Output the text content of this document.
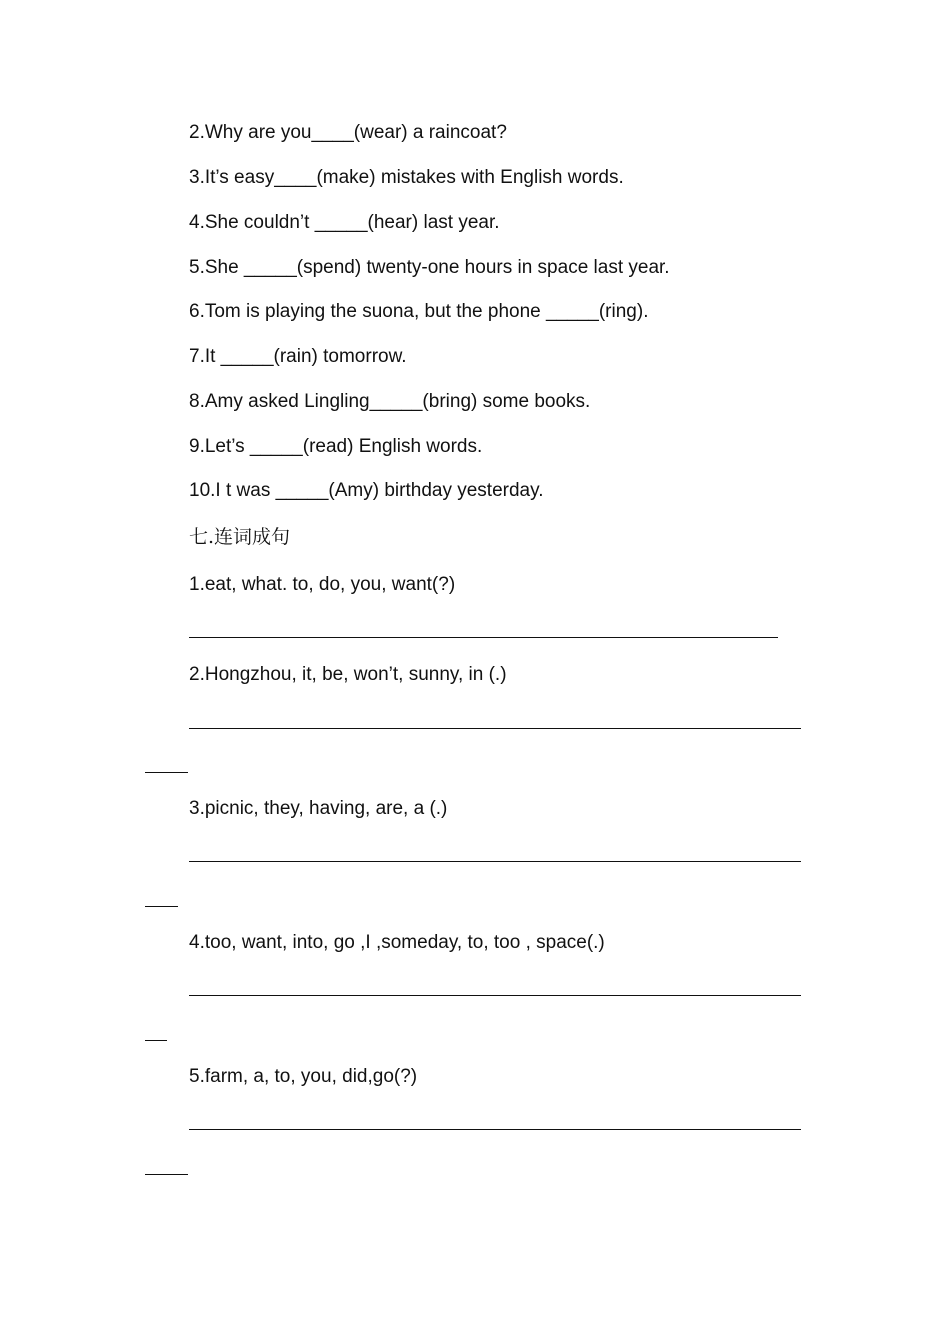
2.Why are you____(wear) a raincoat?
3.It’s easy____(make) mistakes with English words.
4.She couldn’t _____(hear) last year.
5.She _____(spend) twenty-one hours in space last year.
6.Tom is playing the suona, but the phone _____(ring).
7.It _____(rain) tomorrow.
8.Amy asked Lingling_____(bring) some books.
9.Let’s _____(read) English words.
10.I t was _____(Amy) birthday yesterday.
七.连词成句
1.eat, what. to, do, you, want(?)
2.Hongzhou, it, be, won’t, sunny, in (.)
3.picnic, they, having, are, a (.)
4.too, want, into, go ,I ,someday, to, too , space(.)
5.farm, a, to, you, did,go(?)
